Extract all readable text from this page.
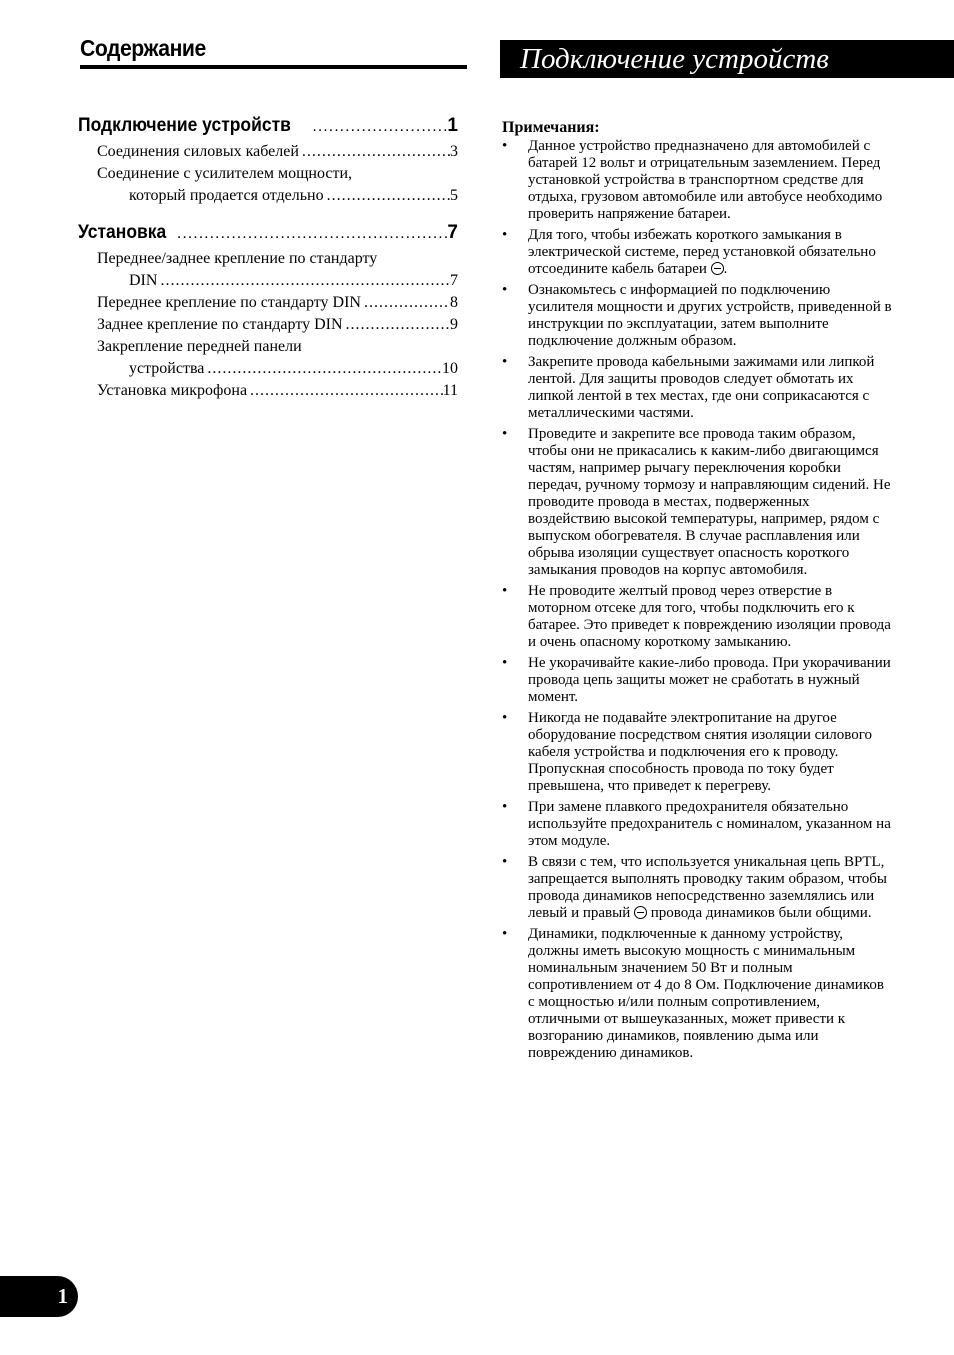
Содержание
Подключение устройств .....	1
Соединения силовых кабелей .....	3
Соединение с усилителем мощности,
который продается отдельно .....	5
Установка .....	7
Переднее/заднее крепление по стандарту
DIN .....	7
Переднее крепление по стандарту DIN .....	8
Заднее крепление по стандарту DIN .....	9
Закрепление передней панели
устройства .....	10
Установка микрофона .....	11
Подключение устройств
Примечания:
• Данное устройство предназначено для автомобилей с батарей 12 вольт и отрицательным заземлением. Перед установкой устройства в транспортном средстве для отдыха, грузовом автомобиле или автобусе необходимо проверить напряжение батареи.
• Для того, чтобы избежать короткого замыкания в электрической системе, перед установкой обязательно отсоедините кабель батареи .
• Ознакомьтесь с информацией по подключению усилителя мощности и других устройств, приведенной в инструкции по эксплуатации, затем выполните подключение должным образом.
• Закрепите провода кабельными зажимами или липкой лентой. Для защиты проводов следует обмотать их липкой лентой в тех местах, где они соприкасаются с металлическими частями.
• Проведите и закрепите все провода таким образом, чтобы они не прикасались к каким-либо двигающимся частям, например рычагу переключения коробки передач, ручному тормозу и направляющим сидений. Не проводите провода в местах, подверженных воздействию высокой температуры, например, рядом с выпуском обогревателя. В случае расплавления или обрыва изоляции существует опасность короткого замыкания проводов на корпус автомобиля.
• Не проводите желтый провод через отверстие в моторном отсеке для того, чтобы подключить его к батарее. Это приведет к повреждению изоляции провода и очень опасному короткому замыканию.
• Не укорачивайте какие-либо провода. При укорачивании провода цепь защиты может не сработать в нужный момент.
• Никогда не подавайте электропитание на другое оборудование посредством снятия изоляции силового кабеля устройства и подключения его к проводу. Пропускная способность провода по току будет превышена, что приведет к перегреву.
• При замене плавкого предохранителя обязательно используйте предохранитель с номиналом, указанном на этом модуле.
• В связи с тем, что используется уникальная цепь BPTL, запрещается выполнять проводку таким образом, чтобы провода динамиков непосредственно заземлялись или левый и правый провода динамиков были общими.
• Динамики, подключенные к данному устройству, должны иметь высокую мощность с минимальным номинальным значением 50 Вт и полным сопротивлением от 4 до 8 Ом. Подключение динамиков с мощностью и/или полным сопротивлением, отличными от вышеуказанных, может привести к возгоранию динамиков, появлению дыма или повреждению динамиков.
1
